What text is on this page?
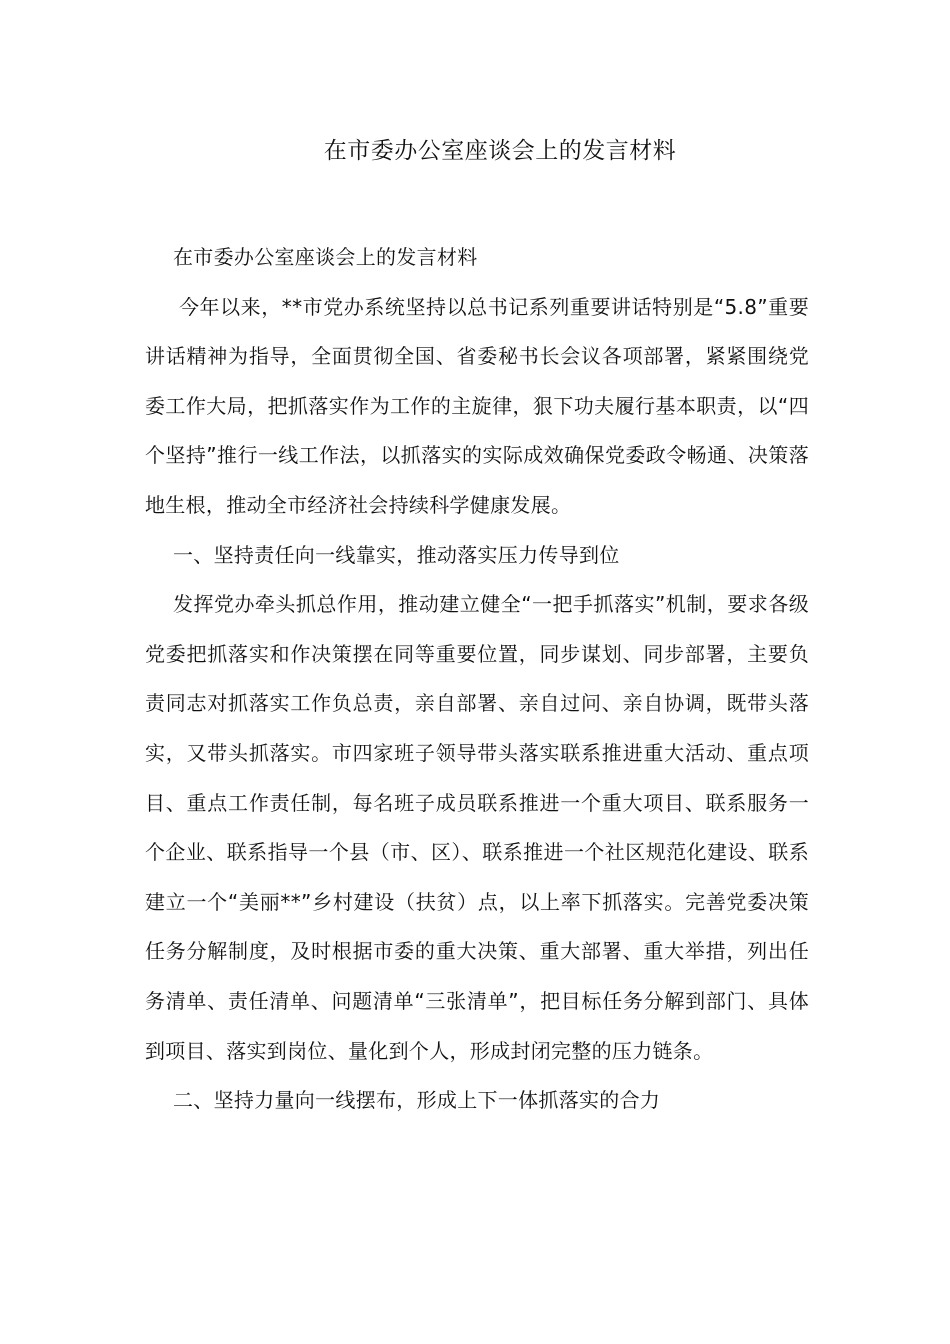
在市委办公室座谈会上的发言材料

在市委办公室座谈会上的发言材料

今年以来，**市党办系统坚持以总书记系列重要讲话特别是“5.8”重要讲话精神为指导，全面贯彻全国、省委秘书长会议各项部署，紧紧围绕党委工作大局，把抓落实作为工作的主旋律，狠下功夫履行基本职责，以“四个坚持”推行一线工作法，以抓落实的实际成效确保党委政令畅通、决策落地生根，推动全市经济社会持续科学健康发展。

一、坚持责任向一线靠实，推动落实压力传导到位

发挥党办牵头抓总作用，推动建立健全“一把手抓落实”机制，要求各级党委把抓落实和作决策摆在同等重要位置，同步谋划、同步部署，主要负责同志对抓落实工作负总责，亲自部署、亲自过问、亲自协调，既带头落实，又带头抓落实。市四家班子领导带头落实联系推进重大活动、重点项目、重点工作责任制，每名班子成员联系推进一个重大项目、联系服务一个企业、联系指导一个县（市、区）、联系推进一个社区规范化建设、联系建立一个“美丽**”乡村建设（扶贫）点，以上率下抓落实。完善党委决策任务分解制度，及时根据市委的重大决策、重大部署、重大举措，列出任务清单、责任清单、问题清单“三张清单”，把目标任务分解到部门、具体到项目、落实到岗位、量化到个人，形成封闭完整的压力链条。

二、坚持力量向一线摆布，形成上下一体抓落实的合力
